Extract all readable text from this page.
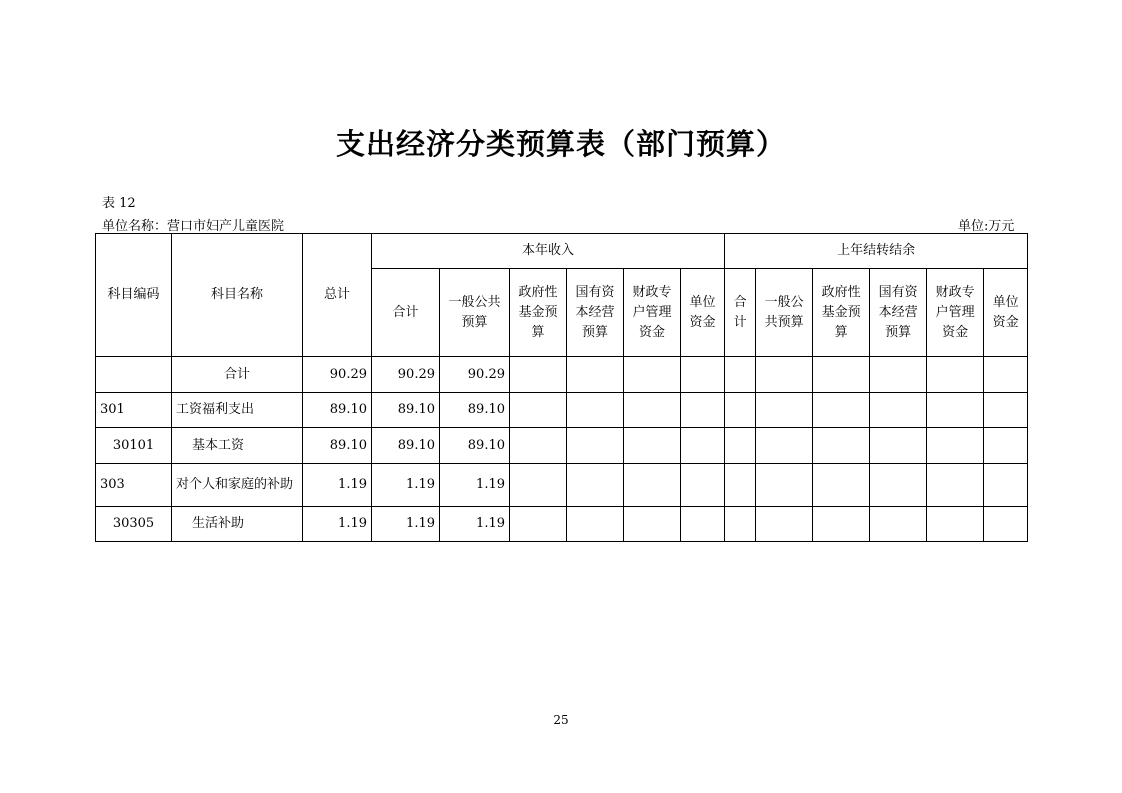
支出经济分类预算表（部门预算）
表 12
单位名称：营口市妇产儿童医院	单位:万元
科目编码	科目名称	总计	本年收入						上年结转结余					
			合计	一般公共预算	政府性基金预算	国有资本经营预算	财政专户管理资金	单位资金	合计	一般公共预算	政府性基金预算	国有资本经营预算	财政专户管理资金	单位资金
	合计	90.29	90.29	90.29										
301	工资福利支出	89.10	89.10	89.10										
30101	基本工资	89.10	89.10	89.10										
303	对个人和家庭的补助	1.19	1.19	1.19										
30305	生活补助	1.19	1.19	1.19										
25
